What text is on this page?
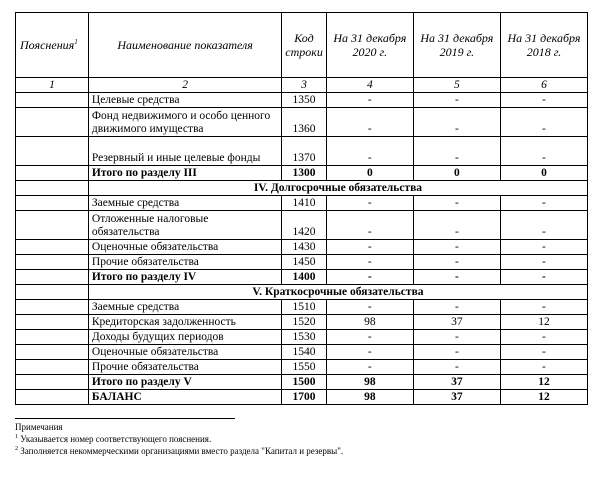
Пояснения$^1$	Наименование показателя	Код строки	На 31 декабря 2020 г.	На 31 декабря 2019 г.	На 31 декабря 2018 г.
1	2	3	4	5	6
	Целевые средства	1350	-	-	-
	Фонд недвижимого и особо ценного движимого имущества	1360	-	-	-
	Резервный и иные целевые фонды	1370	-	-	-
	Итого по разделу III	1300	0	0	0
	IV. Долгосрочные обязательства				
	Заемные средства	1410	-	-	-
	Отложенные налоговые обязательства	1420	-	-	-
	Оценочные обязательства	1430	-	-	-
	Прочие обязательства	1450	-	-	-
	Итого по разделу IV	1400	-	-	-
	V. Краткосрочные обязательства				
	Заемные средства	1510	-	-	-
	Кредиторская задолженность	1520	98	37	12
	Доходы будущих периодов	1530	-	-	-
	Оценочные обязательства	1540	-	-	-
	Прочие обязательства	1550	-	-	-
	Итого по разделу V	1500	98	37	12
	БАЛАНС	1700	98	37	12
Примечания
$^1$ Указывается номер соответствующего пояснения.
$^2$ Заполняется некоммерческими организациями вместо раздела "Капитал и резервы".
